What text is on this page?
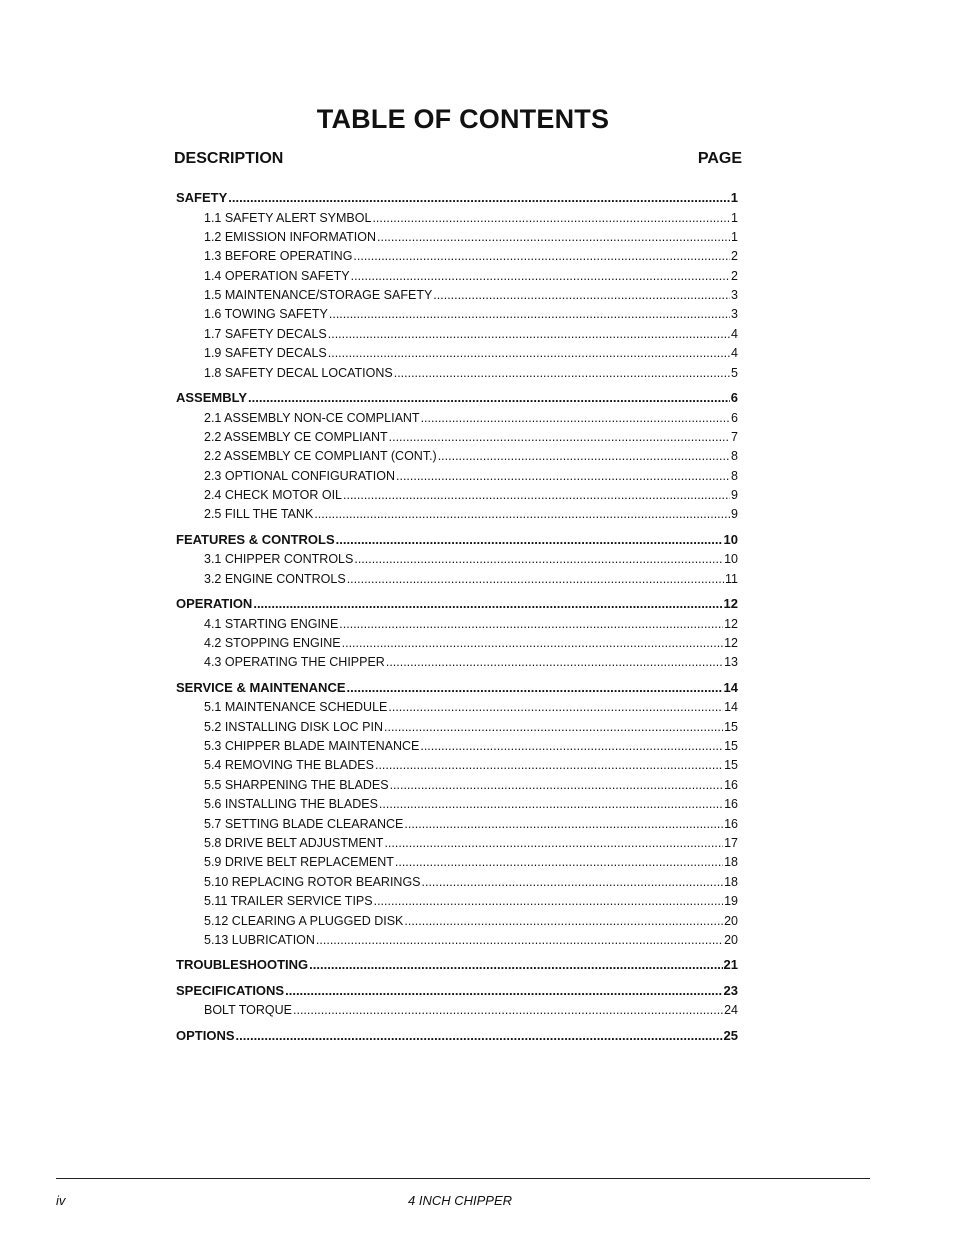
TABLE OF CONTENTS
DESCRIPTION	PAGE
SAFETY .....	1
1.1 SAFETY ALERT SYMBOL .....	1
1.2 EMISSION INFORMATION .....	1
1.3 BEFORE OPERATING .....	2
1.4 OPERATION SAFETY .....	2
1.5 MAINTENANCE/STORAGE SAFETY .....	3
1.6 TOWING SAFETY .....	3
1.7 SAFETY DECALS .....	4
1.9 SAFETY DECALS .....	4
1.8 SAFETY DECAL LOCATIONS .....	5
ASSEMBLY .....	6
2.1 ASSEMBLY NON-CE COMPLIANT .....	6
2.2 ASSEMBLY CE COMPLIANT .....	7
2.2 ASSEMBLY CE COMPLIANT (CONT.) .....	8
2.3 OPTIONAL CONFIGURATION .....	8
2.4 CHECK MOTOR OIL .....	9
2.5 FILL THE TANK .....	9
FEATURES & CONTROLS .....	10
3.1 CHIPPER CONTROLS .....	10
3.2 ENGINE CONTROLS .....	11
OPERATION .....	12
4.1 STARTING ENGINE .....	12
4.2 STOPPING ENGINE .....	12
4.3 OPERATING THE CHIPPER .....	13
SERVICE & MAINTENANCE .....	14
5.1 MAINTENANCE SCHEDULE .....	14
5.2 INSTALLING DISK LOC PIN .....	15
5.3 CHIPPER BLADE MAINTENANCE .....	15
5.4 REMOVING THE BLADES .....	15
5.5 SHARPENING THE BLADES .....	16
5.6 INSTALLING THE BLADES .....	16
5.7 SETTING BLADE CLEARANCE .....	16
5.8 DRIVE BELT ADJUSTMENT .....	17
5.9 DRIVE BELT REPLACEMENT .....	18
5.10 REPLACING ROTOR BEARINGS .....	18
5.11 TRAILER SERVICE TIPS .....	19
5.12 CLEARING A PLUGGED DISK .....	20
5.13 LUBRICATION .....	20
TROUBLESHOOTING .....	21
SPECIFICATIONS .....	23
BOLT TORQUE .....	24
OPTIONS .....	25
iv	4 INCH CHIPPER
